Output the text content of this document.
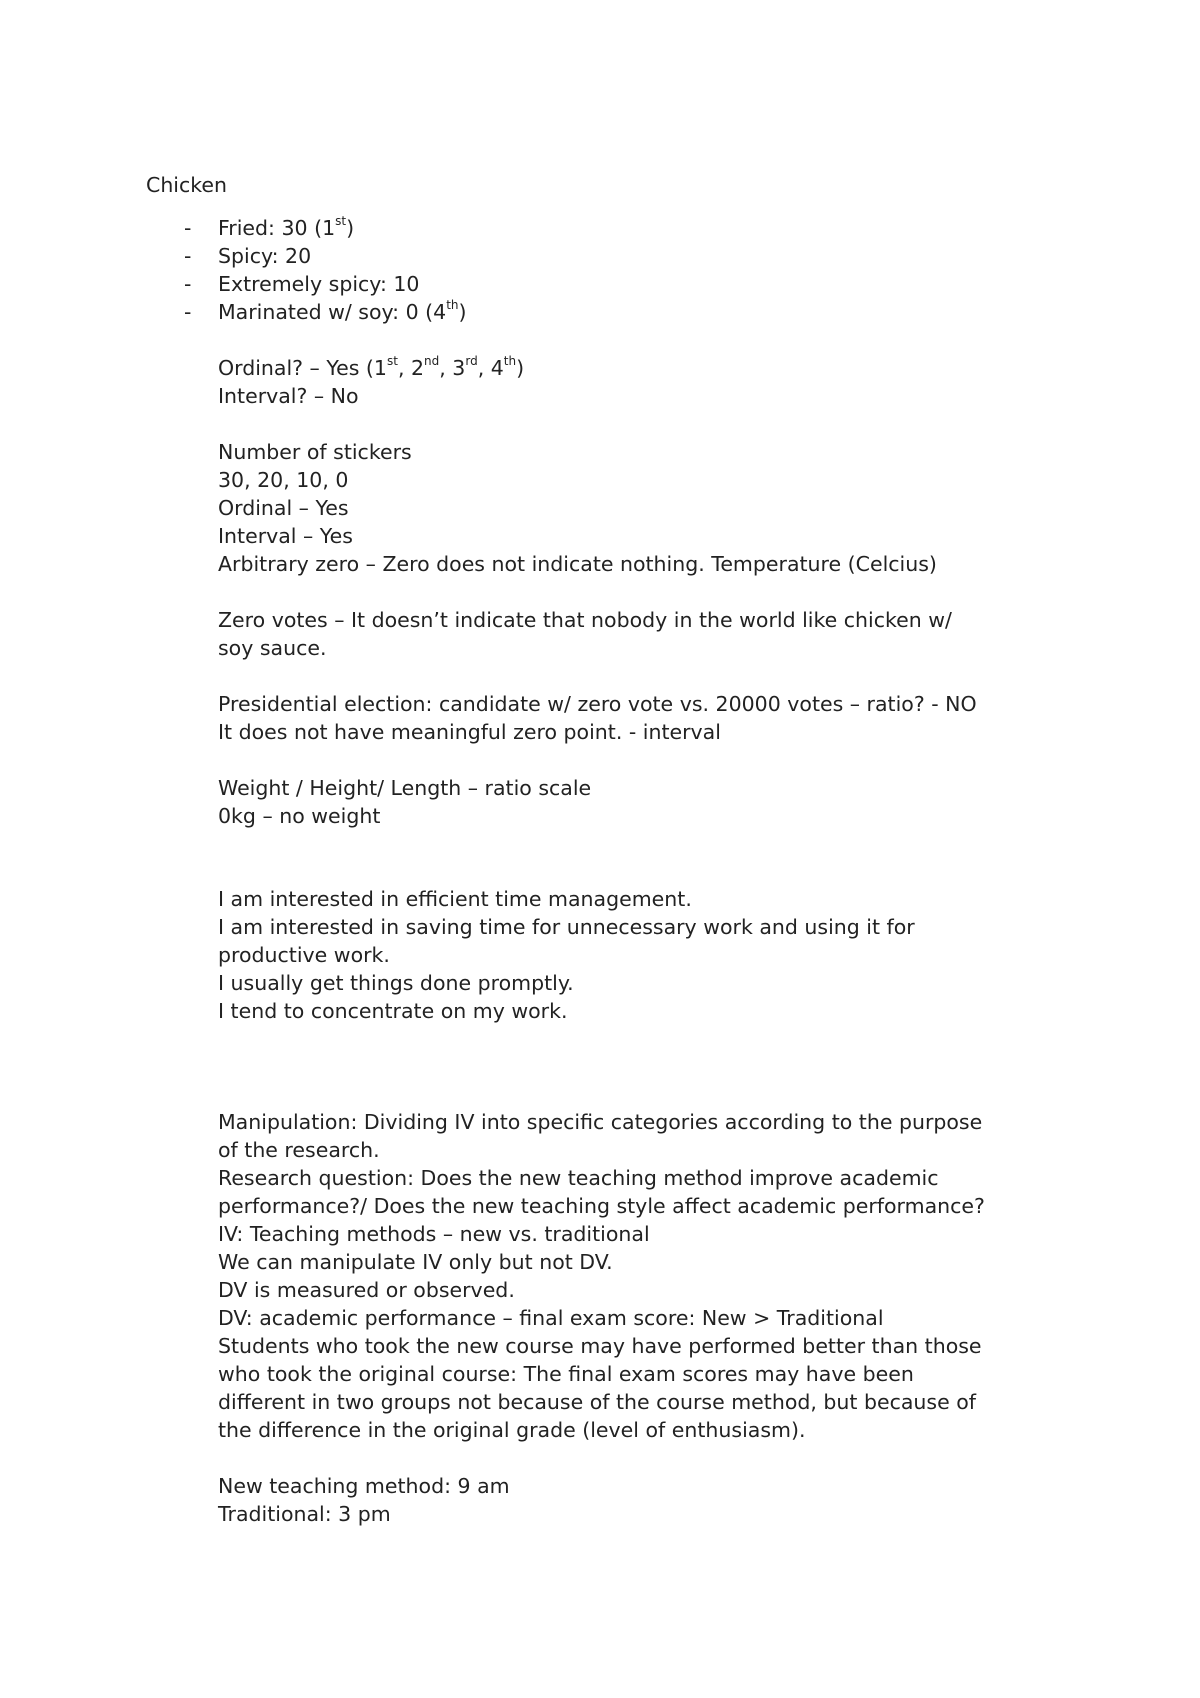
Chicken
- Fried: 30 (1st)
- Spicy: 20
- Extremely spicy: 10
- Marinated w/ soy: 0 (4th)
Ordinal? – Yes (1st, 2nd, 3rd, 4th)
Interval? – No
Number of stickers
30, 20, 10, 0
Ordinal – Yes
Interval – Yes
Arbitrary zero – Zero does not indicate nothing. Temperature (Celcius)
Zero votes – It doesn’t indicate that nobody in the world like chicken w/
soy sauce.
Presidential election: candidate w/ zero vote vs. 20000 votes – ratio? - NO
It does not have meaningful zero point. - interval
Weight / Height/ Length – ratio scale
0kg – no weight
I am interested in efficient time management.
I am interested in saving time for unnecessary work and using it for
productive work.
I usually get things done promptly.
I tend to concentrate on my work.
Manipulation: Dividing IV into specific categories according to the purpose
of the research.
Research question: Does the new teaching method improve academic
performance?/ Does the new teaching style affect academic performance?
IV: Teaching methods – new vs. traditional
We can manipulate IV only but not DV.
DV is measured or observed.
DV: academic performance – final exam score: New > Traditional
Students who took the new course may have performed better than those
who took the original course: The final exam scores may have been
different in two groups not because of the course method, but because of
the difference in the original grade (level of enthusiasm).
New teaching method: 9 am
Traditional: 3 pm
